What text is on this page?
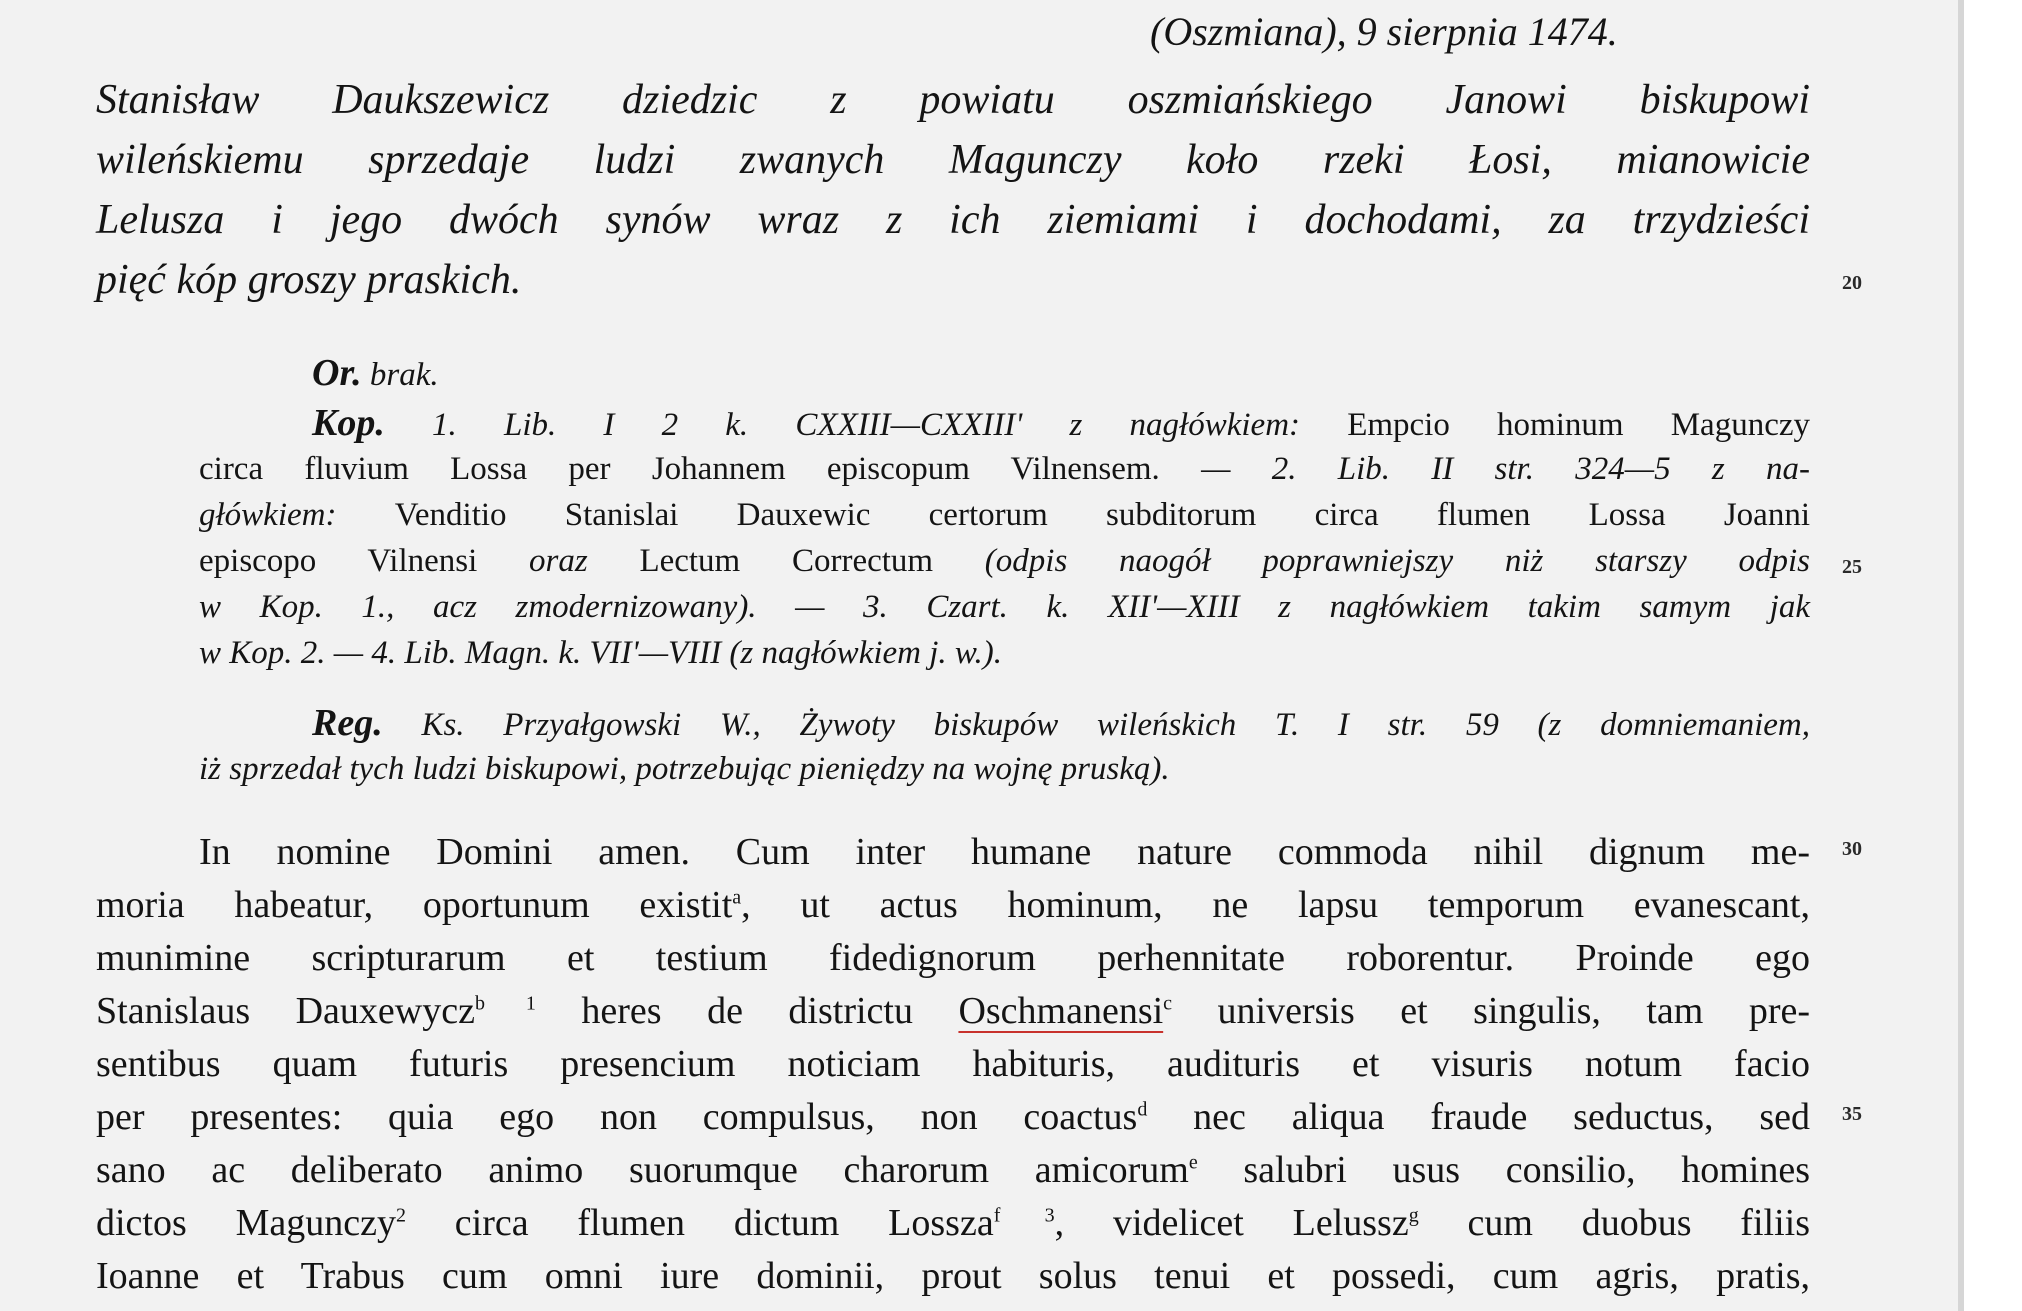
(Oszmiana), 9 sierpnia 1474.
Stanisław Daukszewicz dziedzic z powiatu oszmiańskiego Janowi biskupowi
wileńskiemu sprzedaje ludzi zwanych Magunczy koło rzeki Łosi, mianowicie
Lelusza i jego dwóch synów wraz z ich ziemiami i dochodami, za trzydzieści
pięć kóp groszy praskich.	20
Or. brak.
Kop. 1. Lib. I 2 k. CXXIII—CXXIII' z nagłówkiem: Empcio hominum Magunczy
circa fluvium Lossa per Johannem episcopum Vilnensem. — 2. Lib. II str. 324—5 z na-
główkiem: Venditio Stanislai Dauxewic certorum subditorum circa flumen Lossa Joanni
episcopo Vilnensi oraz Lectum Correctum (odpis naogół poprawniejszy niż starszy odpis 25
w Kop. 1., acz zmodernizowany). — 3. Czart. k. XII'—XIII z nagłówkiem takim samym jak
w Kop. 2. — 4. Lib. Magn. k. VII'—VIII (z nagłówkiem j. w.).
Reg. Ks. Przyałgowski W., Żywoty biskupów wileńskich T. I str. 59 (z domniemaniem,
iż sprzedał tych ludzi biskupowi, potrzebując pieniędzy na wojnę pruską).
In nomine Domini amen. Cum inter humane nature commoda nihil dignum me- 30
moria habeatur, oportunum existit$^a$, ut actus hominum, ne lapsu temporum evanescant,
munimine scripturarum et testium fidedignorum perhennitate roborentur. Proinde ego
Stanislaus Dauxewycz$^{b 1}$ heres de districtu Oschmanensi$^c$ universis et singulis, tam pre-
sentibus quam futuris presencium noticiam habituris, audituris et visuris notum facio
per presentes: quia ego non compulsus, non coactus$^d$ nec aliqua fraude seductus, sed 35
sano ac deliberato animo suorumque charorum amicorum$^e$ salubri usus consilio, homines
dictos Magunczy$^2$ circa flumen dictum Lossza$^{f 3}$, videlicet Lelussz$^g$ cum duobus filiis
Ioanne et Trabus cum omni iure dominii, prout solus tenui et possedi, cum agris, pratis,
